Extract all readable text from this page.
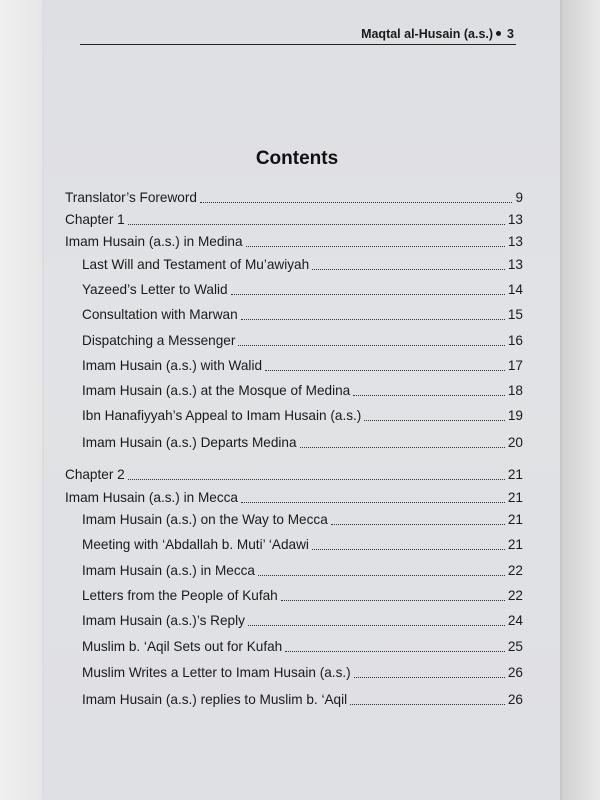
Maqtal al-Husain (a.s.) 3
Contents
Translator’s Foreword	9
Chapter 1	13
Imam Husain (a.s.) in Medina	13
Last Will and Testament of Mu’awiyah	13
Yazeed’s Letter to Walid	14
Consultation with Marwan	15
Dispatching a Messenger	16
Imam Husain (a.s.) with Walid	17
Imam Husain (a.s.) at the Mosque of Medina	18
Ibn Hanafiyyah’s Appeal to Imam Husain (a.s.)	19
Imam Husain (a.s.) Departs Medina	20
Chapter 2	21
Imam Husain (a.s.) in Mecca	21
Imam Husain (a.s.) on the Way to Mecca	21
Meeting with ‘Abdallah b. Muti’ ‘Adawi	21
Imam Husain (a.s.) in Mecca	22
Letters from the People of Kufah	22
Imam Husain (a.s.)’s Reply	24
Muslim b. ‘Aqil Sets out for Kufah	25
Muslim Writes a Letter to Imam Husain (a.s.)	26
Imam Husain (a.s.) replies to Muslim b. ‘Aqil	26
